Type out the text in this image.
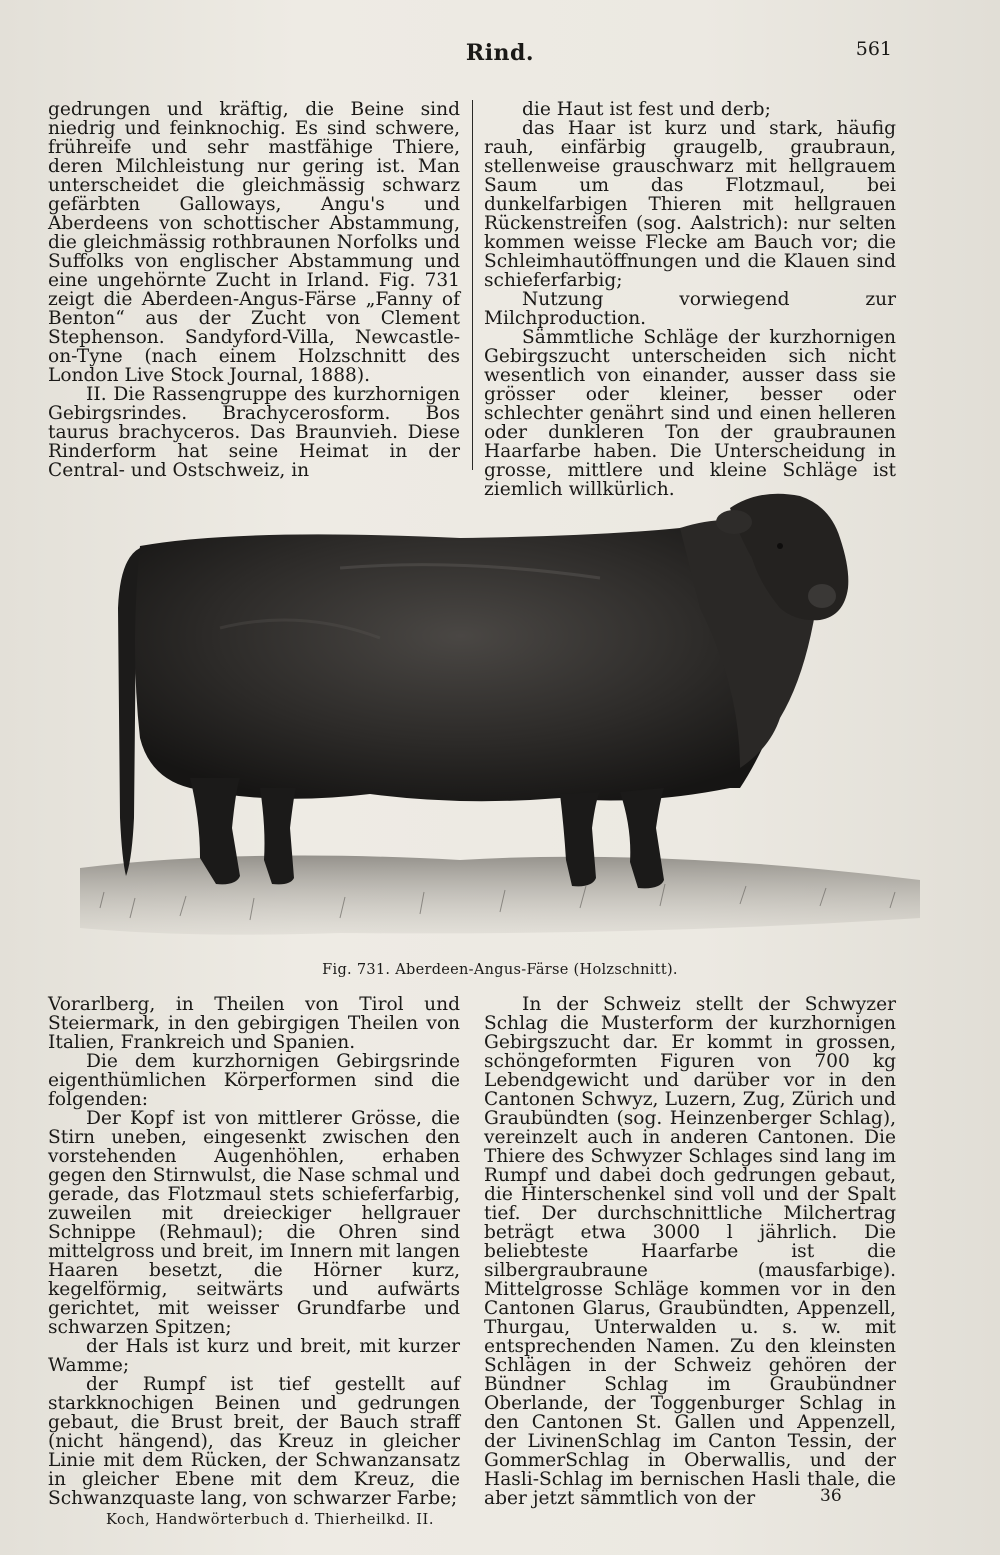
Rind.	561

gedrungen und kräftig, die Beine sind niedrig und feinknochig. Es sind schwere, frühreife und sehr mastfähige Thiere, deren Milchleistung nur gering ist. Man unterscheidet die gleichmässig schwarz gefärbten Galloways, Angu's und Aberdeens von schottischer Abstammung, die gleichmässig rothbraunen Norfolks und Suffolks von englischer Abstammung und eine ungehörnte Zucht in Irland. Fig. 731 zeigt die Aberdeen-Angus-Färse „Fanny of Benton“ aus der Zucht von Clement Stephenson. Sandyford-Villa, Newcastle-on-Tyne (nach einem Holzschnitt des London Live Stock Journal, 1888).

II. Die Rassengruppe des kurzhornigen Gebirgsrindes. Brachycerosform. Bos taurus brachyceros. Das Braunvieh. Diese Rinderform hat seine Heimat in der Central- und Ostschweiz, in

die Haut ist fest und derb;

das Haar ist kurz und stark, häufig rauh, einfärbig graugelb, graubraun, stellenweise grauschwarz mit hellgrauem Saum um das Flotzmaul, bei dunkelfarbigen Thieren mit hellgrauen Rückenstreifen (sog. Aalstrich): nur selten kommen weisse Flecke am Bauch vor; die Schleimhautöffnungen und die Klauen sind schieferfarbig;

Nutzung vorwiegend zur Milchproduction.

Sämmtliche Schläge der kurzhornigen Gebirgszucht unterscheiden sich nicht wesentlich von einander, ausser dass sie grösser oder kleiner, besser oder schlechter genährt sind und einen helleren oder dunkleren Ton der graubraunen Haarfarbe haben. Die Unterscheidung in grosse, mittlere und kleine Schläge ist ziemlich willkürlich.

Fig. 731. Aberdeen-Angus-Färse (Holzschnitt).

Vorarlberg, in Theilen von Tirol und Steiermark, in den gebirgigen Theilen von Italien, Frankreich und Spanien.

Die dem kurzhornigen Gebirgsrinde eigenthümlichen Körperformen sind die folgenden:

Der Kopf ist von mittlerer Grösse, die Stirn uneben, eingesenkt zwischen den vorstehenden Augenhöhlen, erhaben gegen den Stirnwulst, die Nase schmal und gerade, das Flotzmaul stets schieferfarbig, zuweilen mit dreieckiger hellgrauer Schnippe (Rehmaul); die Ohren sind mittelgross und breit, im Innern mit langen Haaren besetzt, die Hörner kurz, kegelförmig, seitwärts und aufwärts gerichtet, mit weisser Grundfarbe und schwarzen Spitzen;

der Hals ist kurz und breit, mit kurzer Wamme;

der Rumpf ist tief gestellt auf starkknochigen Beinen und gedrungen gebaut, die Brust breit, der Bauch straff (nicht hängend), das Kreuz in gleicher Linie mit dem Rücken, der Schwanzansatz in gleicher Ebene mit dem Kreuz, die Schwanzquaste lang, von schwarzer Farbe;

In der Schweiz stellt der Schwyzer Schlag die Musterform der kurzhornigen Gebirgszucht dar. Er kommt in grossen, schöngeformten Figuren von 700 kg Lebendgewicht und darüber vor in den Cantonen Schwyz, Luzern, Zug, Zürich und Graubündten (sog. Heinzenberger Schlag), vereinzelt auch in anderen Cantonen. Die Thiere des Schwyzer Schlages sind lang im Rumpf und dabei doch gedrungen gebaut, die Hinterschenkel sind voll und der Spalt tief. Der durchschnittliche Milchertrag beträgt etwa 3000 l jährlich. Die beliebteste Haarfarbe ist die silbergraubraune (mausfarbige). Mittelgrosse Schläge kommen vor in den Cantonen Glarus, Graubündten, Appenzell, Thurgau, Unterwalden u. s. w. mit entsprechenden Namen. Zu den kleinsten Schlägen in der Schweiz gehören der Bündner Schlag im Graubündner Oberlande, der Toggenburger Schlag in den Cantonen St. Gallen und Appenzell, der LivinenSchlag im Canton Tessin, der GommerSchlag in Oberwallis, und der Hasli-Schlag im bernischen Hasli thale, die aber jetzt sämmtlich von der	36
Koch, Handwörterbuch d. Thierheilkd. II.
